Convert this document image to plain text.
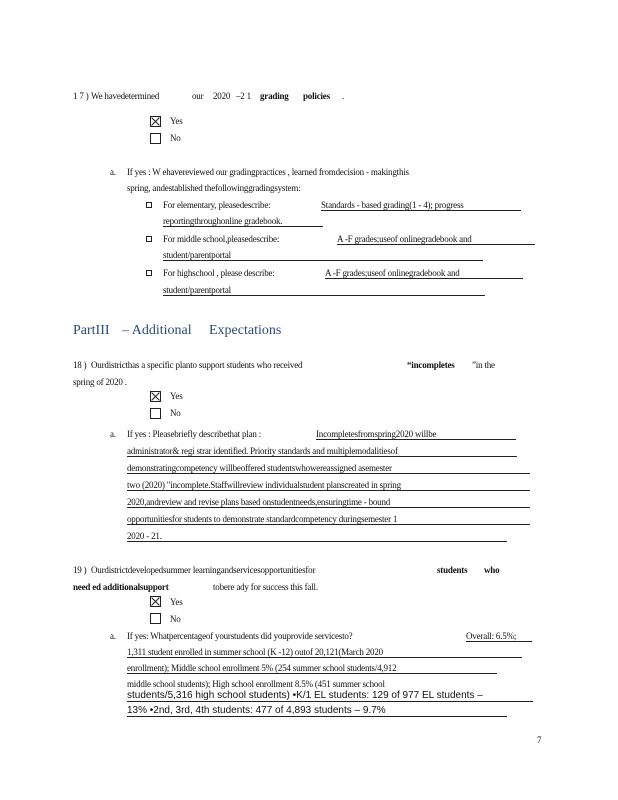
1 7 ) We havedetermined	our 2020 –2 1 grading policies .
Yes
No
a. If yes : W ehavereviewed our gradingpractices , learned fromdecision - makingthis
spring, andestablished thefollowinggradingsystem:
For elementary, pleasedescribe:	Standards - based grading(1 - 4); progress
reportingthroughonline gradebook.
For middle school,pleasedescribe:	A -F grades;useof onlinegradebook and
student/parentportal
For highschool , please describe:	A -F grades;useof onlinegradebook and
student/parentportal
PartIII – Additional Expectations
18 ) Ourdistricthas a specific planto support students who received	“incompletes ”in the
spring of 2020 .
Yes
No
a. If yes : Pleasebriefly describethat plan :	Incompletesfromspring2020 willbe
administrator& regi strar identified. Priority standards and multiplemodalitiesof
demonstratingcompetency willbeoffered studentswhowereassigned asemester
two (2020) "incomplete.Staffwillreview individualstudent planscreated in spring
2020,andreview and revise plans based onstudentneeds,ensuringtime - bound
opportunitiesfor students to demonstrate standardcompetency duringsemester 1
2020 - 21.
19 ) Ourdistrictdevelopedsummer learningandservicesopportunitiesfor	students who
need ed additionalsupport	tobere ady for success this fall.
Yes
No
a. If yes: Whatpercentageof yourstudents did youprovide servicesto?	Overall: 6.5%;
1,311 student enrolled in summer school (K -12) outof 20,121(March 2020
enrollment); Middle school enrollment 5% (254 summer school students/4,912
middle school students); High school enrollment 8.5% (451 summer school
students/5,316 high school students) •K/1 EL students: 129 of 977 EL students –
13% •2nd, 3rd, 4th students: 477 of 4,893 students – 9.7%
7
